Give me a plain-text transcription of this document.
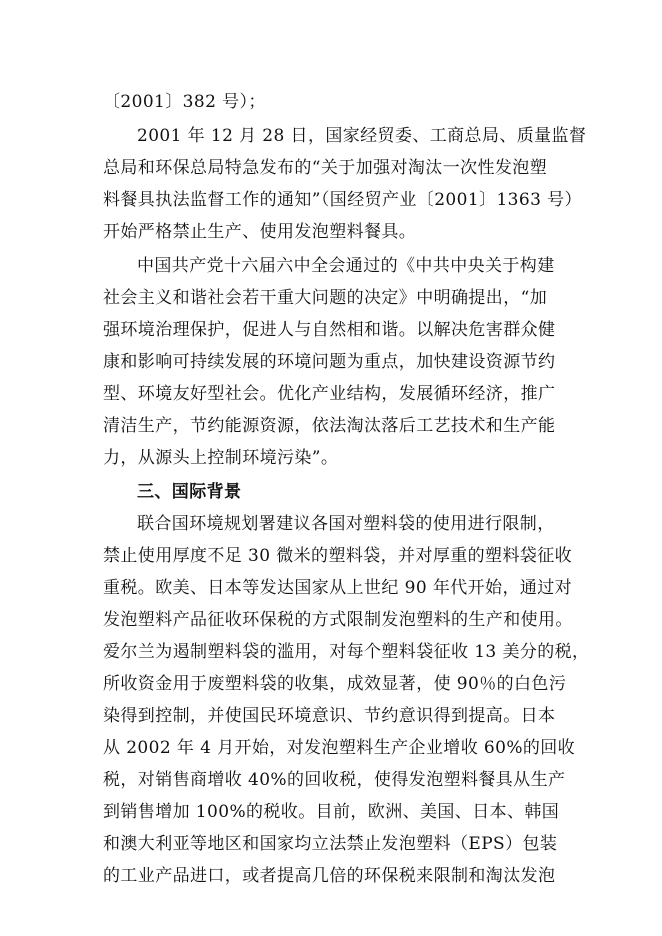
〔2001〕382 号）；
2001 年 12 月 28 日，国家经贸委、工商总局、质量监督
总局和环保总局特急发布的“关于加强对淘汰一次性发泡塑
料餐具执法监督工作的通知”（国经贸产业〔2001〕1363 号）
开始严格禁止生产、使用发泡塑料餐具。
中国共产党十六届六中全会通过的《中共中央关于构建
社会主义和谐社会若干重大问题的决定》中明确提出，“加
强环境治理保护，促进人与自然相和谐。以解决危害群众健
康和影响可持续发展的环境问题为重点，加快建设资源节约
型、环境友好型社会。优化产业结构，发展循环经济，推广
清洁生产，节约能源资源，依法淘汰落后工艺技术和生产能
力，从源头上控制环境污染”。
三、国际背景
联合国环境规划署建议各国对塑料袋的使用进行限制，
禁止使用厚度不足 30 微米的塑料袋，并对厚重的塑料袋征收
重税。欧美、日本等发达国家从上世纪 90 年代开始，通过对
发泡塑料产品征收环保税的方式限制发泡塑料的生产和使用。
爱尔兰为遏制塑料袋的滥用，对每个塑料袋征收 13 美分的税，
所收资金用于废塑料袋的收集，成效显著，使 90％的白色污
染得到控制，并使国民环境意识、节约意识得到提高。日本
从 2002 年 4 月开始，对发泡塑料生产企业增收 60%的回收
税，对销售商增收 40%的回收税，使得发泡塑料餐具从生产
到销售增加 100%的税收。目前，欧洲、美国、日本、韩国
和澳大利亚等地区和国家均立法禁止发泡塑料（EPS）包装
的工业产品进口，或者提高几倍的环保税来限制和淘汰发泡
